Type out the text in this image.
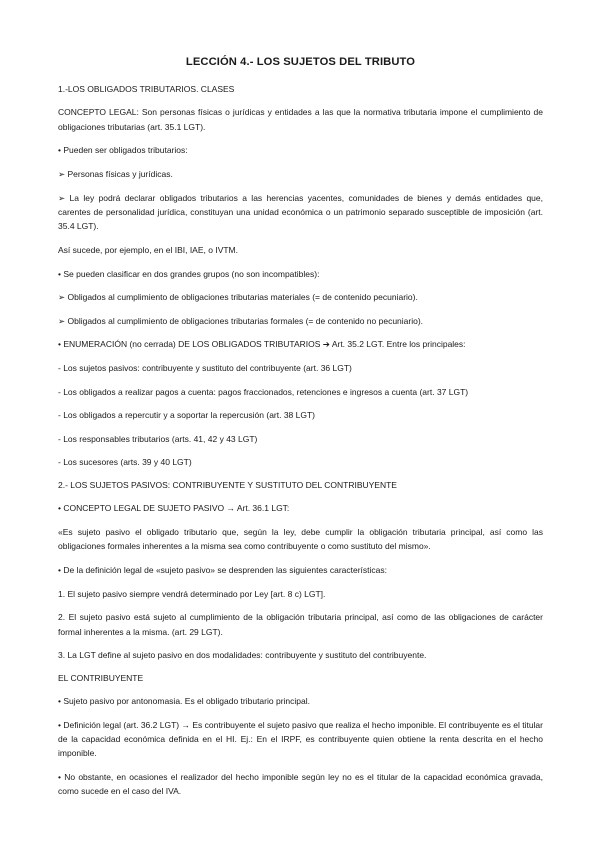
LECCIÓN 4.- LOS SUJETOS DEL TRIBUTO
1.-LOS OBLIGADOS TRIBUTARIOS. CLASES
CONCEPTO LEGAL: Son personas físicas o jurídicas y entidades a las que la normativa tributaria impone el cumplimiento de obligaciones tributarias (art. 35.1 LGT).
• Pueden ser obligados tributarios:
➢ Personas físicas y jurídicas.
➢ La ley podrá declarar obligados tributarios a las herencias yacentes, comunidades de bienes y demás entidades que, carentes de personalidad jurídica, constituyan una unidad económica o un patrimonio separado susceptible de imposición (art. 35.4 LGT).
Así sucede, por ejemplo, en el IBI, IAE, o IVTM.
• Se pueden clasificar en dos grandes grupos (no son incompatibles):
➢ Obligados al cumplimiento de obligaciones tributarias materiales (= de contenido pecuniario).
➢ Obligados al cumplimiento de obligaciones tributarias formales (= de contenido no pecuniario).
• ENUMERACIÓN (no cerrada) DE LOS OBLIGADOS TRIBUTARIOS ➔ Art. 35.2 LGT. Entre los principales:
- Los sujetos pasivos: contribuyente y sustituto del contribuyente (art. 36 LGT)
- Los obligados a realizar pagos a cuenta: pagos fraccionados, retenciones e ingresos a cuenta (art. 37 LGT)
- Los obligados a repercutir y a soportar la repercusión (art. 38 LGT)
- Los responsables tributarios (arts. 41, 42 y 43 LGT)
- Los sucesores (arts. 39 y 40 LGT)
2.- LOS SUJETOS PASIVOS: CONTRIBUYENTE Y SUSTITUTO DEL CONTRIBUYENTE
• CONCEPTO LEGAL DE SUJETO PASIVO → Art. 36.1 LGT:
«Es sujeto pasivo el obligado tributario que, según la ley, debe cumplir la obligación tributaria principal, así como las obligaciones formales inherentes a la misma sea como contribuyente o como sustituto del mismo».
• De la definición legal de «sujeto pasivo» se desprenden las siguientes características:
1. El sujeto pasivo siempre vendrá determinado por Ley [art. 8 c) LGT].
2. El sujeto pasivo está sujeto al cumplimiento de la obligación tributaria principal, así como de las obligaciones de carácter formal inherentes a la misma. (art. 29 LGT).
3. La LGT define al sujeto pasivo en dos modalidades: contribuyente y sustituto del contribuyente.
EL CONTRIBUYENTE
• Sujeto pasivo por antonomasia. Es el obligado tributario principal.
• Definición legal (art. 36.2 LGT) → Es contribuyente el sujeto pasivo que realiza el hecho imponible. El contribuyente es el titular de la capacidad económica definida en el HI. Ej.: En el IRPF, es contribuyente quien obtiene la renta descrita en el hecho imponible.
• No obstante, en ocasiones el realizador del hecho imponible según ley no es el titular de la capacidad económica gravada, como sucede en el caso del IVA.
